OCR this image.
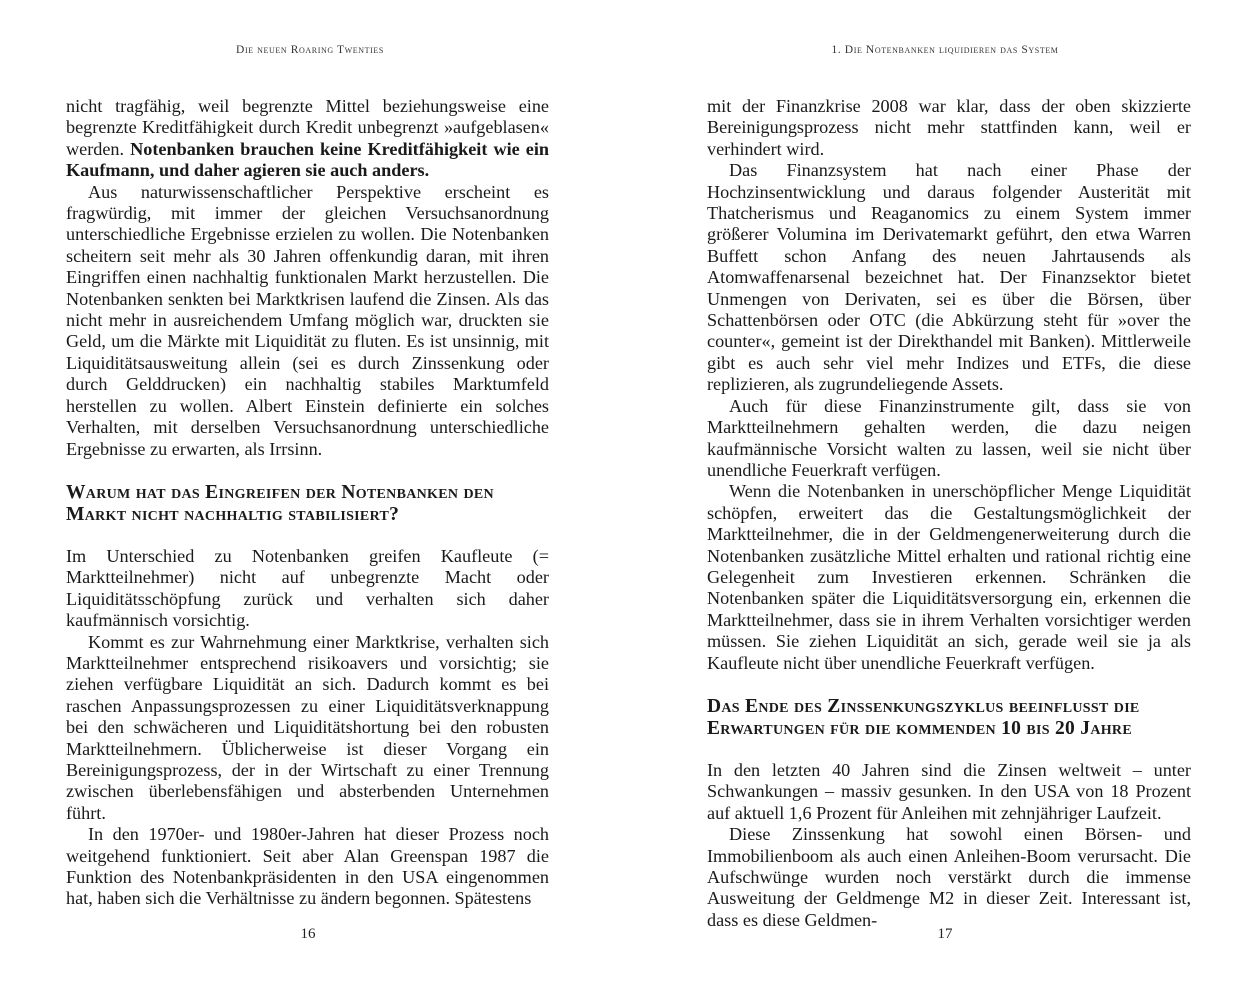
Die neuen Roaring Twenties

nicht tragfähig, weil begrenzte Mittel beziehungsweise eine begrenzte Kreditfähigkeit durch Kredit unbegrenzt »aufgeblasen« werden. Notenbanken brauchen keine Kreditfähigkeit wie ein Kaufmann, und daher agieren sie auch anders.

Aus naturwissenschaftlicher Perspektive erscheint es fragwürdig, mit immer der gleichen Versuchsanordnung unterschiedliche Ergebnisse erzielen zu wollen. Die Notenbanken scheitern seit mehr als 30 Jahren offenkundig daran, mit ihren Eingriffen einen nachhaltig funktionalen Markt herzustellen. Die Notenbanken senkten bei Marktkrisen laufend die Zinsen. Als das nicht mehr in ausreichendem Umfang möglich war, druckten sie Geld, um die Märkte mit Liquidität zu fluten. Es ist unsinnig, mit Liquiditätsausweitung allein (sei es durch Zinssenkung oder durch Gelddrucken) ein nachhaltig stabiles Marktumfeld herstellen zu wollen. Albert Einstein definierte ein solches Verhalten, mit derselben Versuchsanordnung unterschiedliche Ergebnisse zu erwarten, als Irrsinn.

Warum hat das Eingreifen der Notenbanken den Markt nicht nachhaltig stabilisiert?

Im Unterschied zu Notenbanken greifen Kaufleute (= Marktteilnehmer) nicht auf unbegrenzte Macht oder Liquiditätsschöpfung zurück und verhalten sich daher kaufmännisch vorsichtig.

Kommt es zur Wahrnehmung einer Marktkrise, verhalten sich Marktteilnehmer entsprechend risikoavers und vorsichtig; sie ziehen verfügbare Liquidität an sich. Dadurch kommt es bei raschen Anpassungsprozessen zu einer Liquiditätsverknappung bei den schwächeren und Liquiditätshortung bei den robusten Marktteilnehmern. Üblicherweise ist dieser Vorgang ein Bereinigungsprozess, der in der Wirtschaft zu einer Trennung zwischen überlebensfähigen und absterbenden Unternehmen führt.

In den 1970er- und 1980er-Jahren hat dieser Prozess noch weitgehend funktioniert. Seit aber Alan Greenspan 1987 die Funktion des Notenbankpräsidenten in den USA eingenommen hat, haben sich die Verhältnisse zu ändern begonnen. Spätestens

16
1. Die Notenbanken liquidieren das System

mit der Finanzkrise 2008 war klar, dass der oben skizzierte Bereinigungsprozess nicht mehr stattfinden kann, weil er verhindert wird.

Das Finanzsystem hat nach einer Phase der Hochzinsentwicklung und daraus folgender Austerität mit Thatcherismus und Reaganomics zu einem System immer größerer Volumina im Derivatemarkt geführt, den etwa Warren Buffett schon Anfang des neuen Jahrtausends als Atomwaffenarsenal bezeichnet hat. Der Finanzsektor bietet Unmengen von Derivaten, sei es über die Börsen, über Schattenbörsen oder OTC (die Abkürzung steht für »over the counter«, gemeint ist der Direkthandel mit Banken). Mittlerweile gibt es auch sehr viel mehr Indizes und ETFs, die diese replizieren, als zugrundeliegende Assets.

Auch für diese Finanzinstrumente gilt, dass sie von Marktteilnehmern gehalten werden, die dazu neigen kaufmännische Vorsicht walten zu lassen, weil sie nicht über unendliche Feuerkraft verfügen.

Wenn die Notenbanken in unerschöpflicher Menge Liquidität schöpfen, erweitert das die Gestaltungsmöglichkeit der Marktteilnehmer, die in der Geldmengenerweiterung durch die Notenbanken zusätzliche Mittel erhalten und rational richtig eine Gelegenheit zum Investieren erkennen. Schränken die Notenbanken später die Liquiditätsversorgung ein, erkennen die Marktteilnehmer, dass sie in ihrem Verhalten vorsichtiger werden müssen. Sie ziehen Liquidität an sich, gerade weil sie ja als Kaufleute nicht über unendliche Feuerkraft verfügen.

Das Ende des Zinssenkungszyklus beeinflusst die Erwartungen für die kommenden 10 bis 20 Jahre

In den letzten 40 Jahren sind die Zinsen weltweit – unter Schwankungen – massiv gesunken. In den USA von 18 Prozent auf aktuell 1,6 Prozent für Anleihen mit zehnjähriger Laufzeit.

Diese Zinssenkung hat sowohl einen Börsen- und Immobilienboom als auch einen Anleihen-Boom verursacht. Die Aufschwünge wurden noch verstärkt durch die immense Ausweitung der Geldmenge M2 in dieser Zeit. Interessant ist, dass es diese Geldmen-

17
